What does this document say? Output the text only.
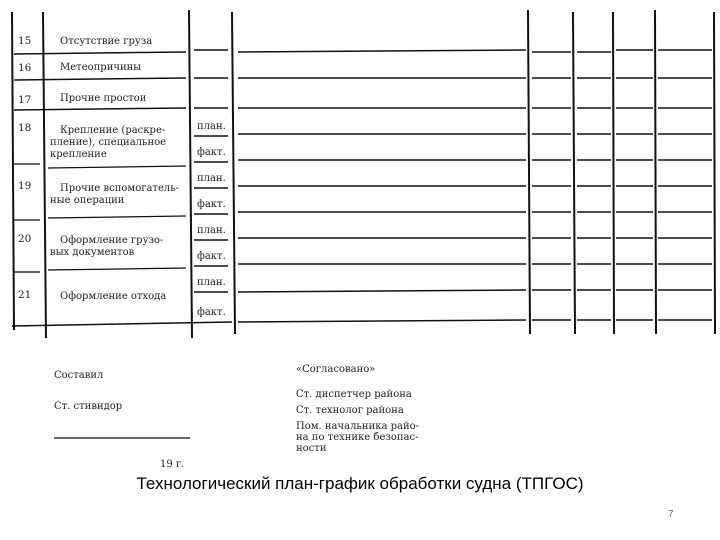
15
16
17
18
19
20
21
Отсутствие груза
Метеопричины
Прочие простои
Крепление (раскре-
пление), специальное
крепление
Прочие вспомогатель-
ные операции
Оформление грузо-
вых документов
Оформление отхода
план.
факт.
план.
факт.
план.
факт.
план.
факт.
Составил
Ст. стивидор
19 г.
«Согласовано»
Ст. диспетчер района
Ст. технолог района
Пом. начальника райо-
на по технике безопас-
ности
Технологический план-график обработки судна (ТПГОС)
7
